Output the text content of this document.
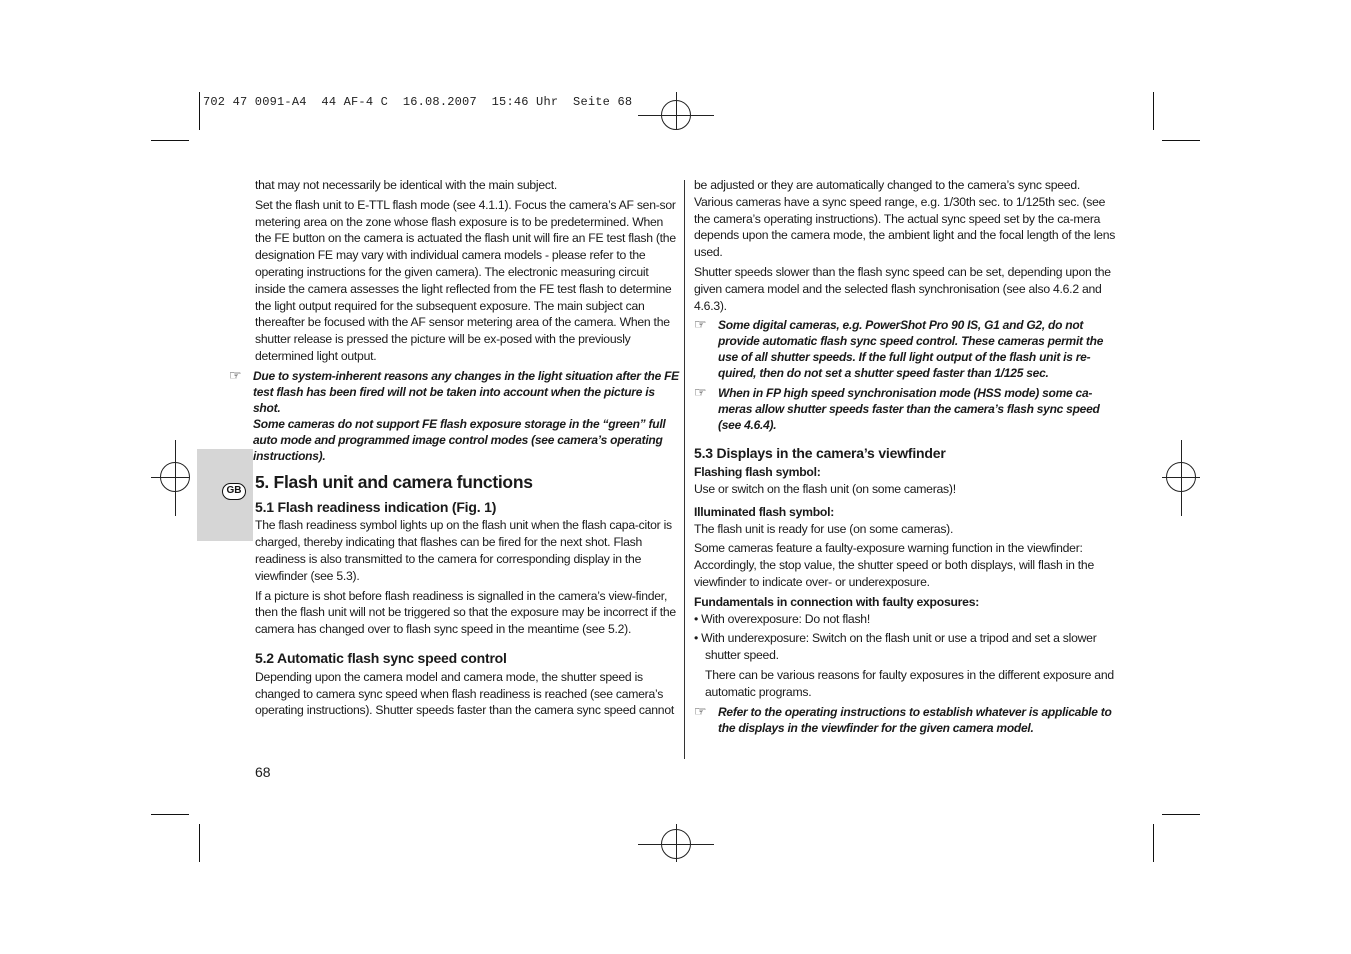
702 47 0091-A4  44 AF-4 C  16.08.2007  15:46 Uhr  Seite 68
GB

that may not necessarily be identical with the main subject.

Set the flash unit to E-TTL flash mode (see 4.1.1). Focus the camera’s AF sen-sor metering area on the zone whose flash exposure is to be predetermined. When the FE button on the camera is actuated the flash unit will fire an FE test flash (the designation FE may vary with individual camera models - please refer to the operating instructions for the given camera). The electronic measuring circuit inside the camera assesses the light reflected from the FE test flash to determine the light output required for the subsequent exposure. The main subject can thereafter be focused with the AF sensor metering area of the camera. When the shutter release is pressed the picture will be ex-posed with the previously determined light output.

☞ Due to system-inherent reasons any changes in the light situation after the FE test flash has been fired will not be taken into account when the picture is shot.

Some cameras do not support FE flash exposure storage in the “green” full auto mode and programmed image control modes (see camera’s operating instructions).

5. Flash unit and camera functions
5.1 Flash readiness indication (Fig. 1)

The flash readiness symbol lights up on the flash unit when the flash capa-citor is charged, thereby indicating that flashes can be fired for the next shot. Flash readiness is also transmitted to the camera for corresponding display in the viewfinder (see 5.3).

If a picture is shot before flash readiness is signalled in the camera’s view-finder, then the flash unit will not be triggered so that the exposure may be incorrect if the camera has changed over to flash sync speed in the meantime (see 5.2).

5.2 Automatic flash sync speed control

Depending upon the camera model and camera mode, the shutter speed is changed to camera sync speed when flash readiness is reached (see camera’s operating instructions). Shutter speeds faster than the camera sync speed cannot

be adjusted or they are automatically changed to the camera’s sync speed. Various cameras have a sync speed range, e.g. 1/30th sec. to 1/125th sec. (see the camera’s operating instructions). The actual sync speed set by the ca-mera depends upon the camera mode, the ambient light and the focal length of the lens used.

Shutter speeds slower than the flash sync speed can be set, depending upon the given camera model and the selected flash synchronisation (see also 4.6.2 and 4.6.3).

☞ Some digital cameras, e.g. PowerShot Pro 90 IS, G1 and G2, do not provide automatic flash sync speed control. These cameras permit the use of all shutter speeds. If the full light output of the flash unit is re-quired, then do not set a shutter speed faster than 1/125 sec.

☞ When in FP high speed synchronisation mode (HSS mode) some ca-meras allow shutter speeds faster than the camera’s flash sync speed (see 4.6.4).

5.3 Displays in the camera’s viewfinder
Flashing flash symbol:

Use or switch on the flash unit (on some cameras)!

Illuminated flash symbol:

The flash unit is ready for use (on some cameras).

Some cameras feature a faulty-exposure warning function in the viewfinder: Accordingly, the stop value, the shutter speed or both displays, will flash in the viewfinder to indicate over- or underexposure.

Fundamentals in connection with faulty exposures:

• With overexposure: Do not flash!

• With underexposure: Switch on the flash unit or use a tripod and set a slower shutter speed.

There can be various reasons for faulty exposures in the different exposure and automatic programs.

☞ Refer to the operating instructions to establish whatever is applicable to the displays in the viewfinder for the given camera model.

68
